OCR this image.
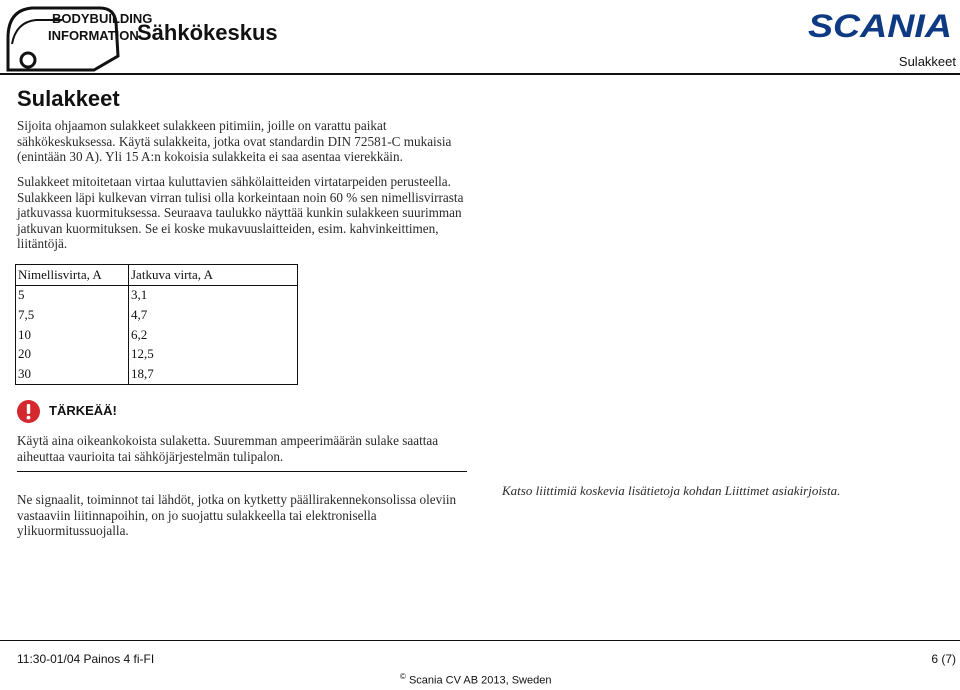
BODYBUILDING
INFORMATION
Sähkökeskus	SCANIA
Sulakkeet
Sulakkeet

Sijoita ohjaamon sulakkeet sulakkeen pitimiin, joille on varattu paikat sähkökeskuksessa. Käytä sulakkeita, jotka ovat standardin DIN 72581-C mukaisia (enintään 30 A). Yli 15 A:n kokoisia sulakkeita ei saa asentaa vierekkäin.

Sulakkeet mitoitetaan virtaa kuluttavien sähkölaitteiden virtatarpeiden perusteella. Sulakkeen läpi kulkevan virran tulisi olla korkeintaan noin 60 % sen nimellisvirrasta jatkuvassa kuormituksessa. Seuraava taulukko näyttää kunkin sulakkeen suurimman jatkuvan kuormituksen. Se ei koske mukavuuslaitteiden, esim. kahvinkeittimen, liitäntöjä.

Nimellisvirta, A	Jatkuva virta, A
5	3,1
7,5	4,7
10	6,2
20	12,5
30	18,7
TÄRKEÄÄ!

Käytä aina oikeankokoista sulaketta. Suuremman ampeerimäärän sulake saattaa aiheuttaa vaurioita tai sähköjärjestelmän tulipalon.

Ne signaalit, toiminnot tai lähdöt, jotka on kytketty päällirakennekonsolissa oleviin vastaaviin liitinnapoihin, on jo suojattu sulakkeella tai elektronisella ylikuormitussuojalla.

Katso liittimiä koskevia lisätietoja kohdan Liittimet asiakirjoista.
11:30-01/04 Painos 4 fi-FI	6 (7)
© Scania CV AB 2013, Sweden
